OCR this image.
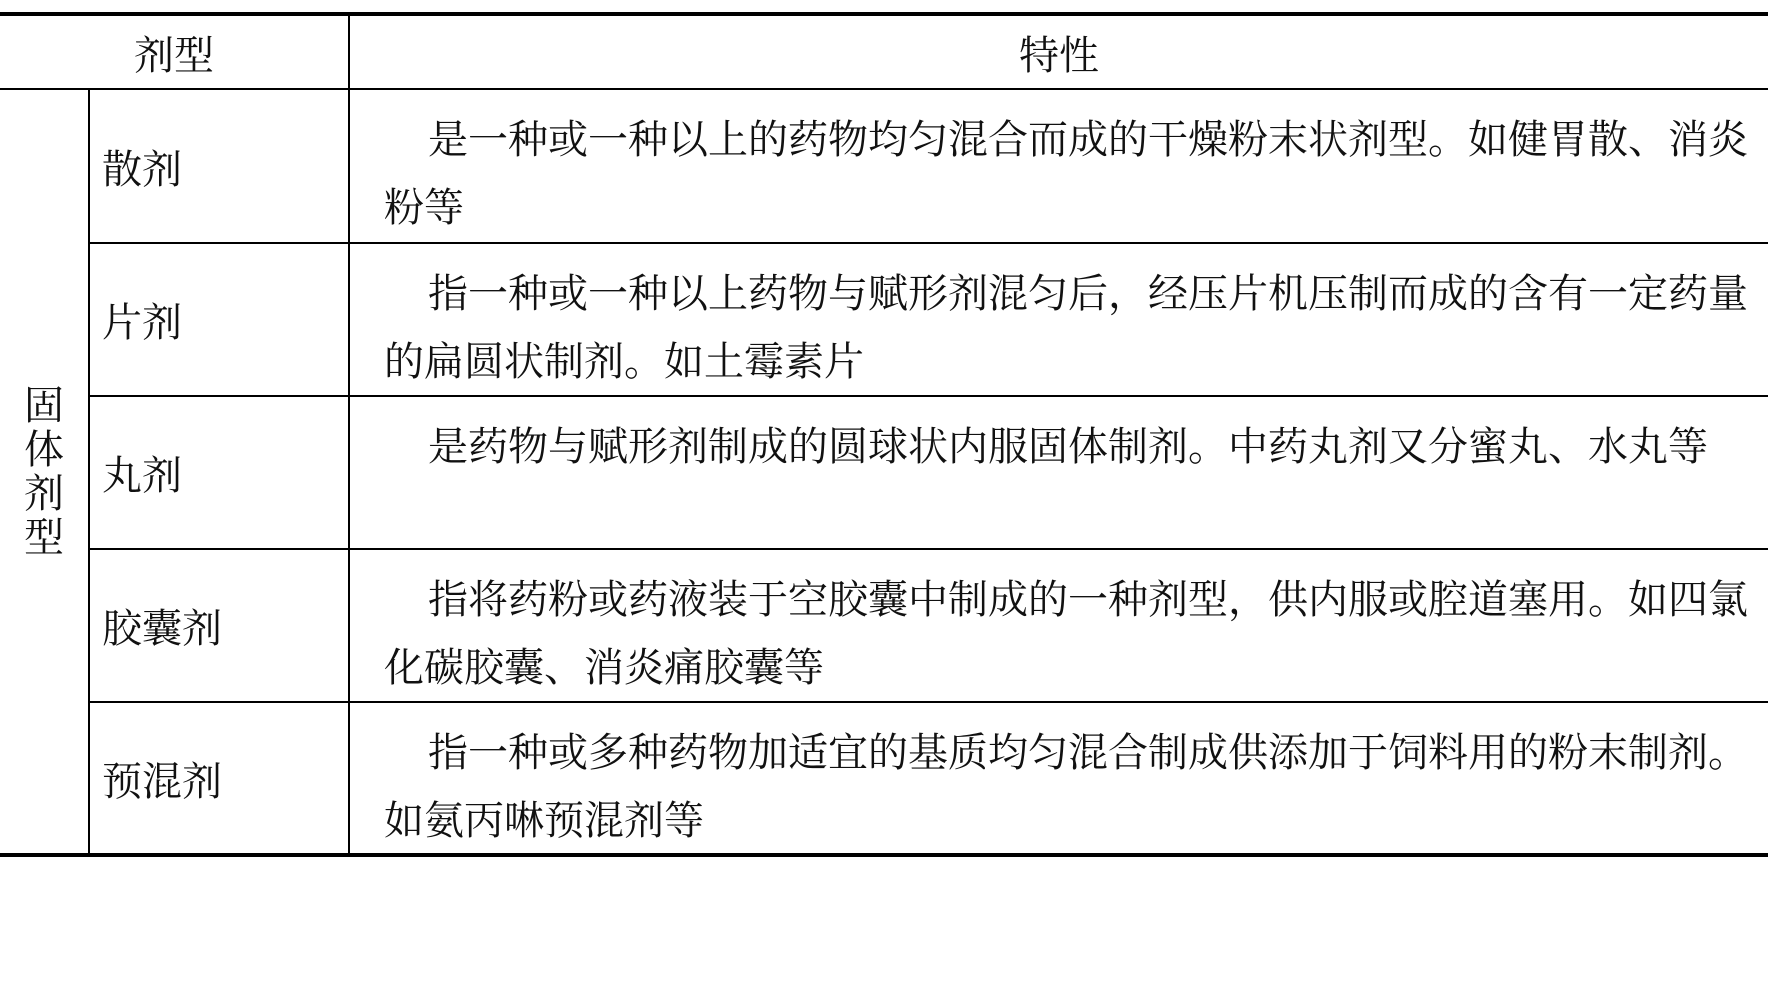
剂型	特性
固
体
剂
型
散剂
是一种或一种以上的药物均匀混合而成的干燥粉末状剂型。如健胃散、消炎粉等
片剂
指一种或一种以上药物与赋形剂混匀后，经压片机压制而成的含有一定药量的扁圆状制剂。如土霉素片
丸剂
是药物与赋形剂制成的圆球状内服固体制剂。中药丸剂又分蜜丸、水丸等
胶囊剂
指将药粉或药液装于空胶囊中制成的一种剂型，供内服或腔道塞用。如四氯化碳胶囊、消炎痛胶囊等
预混剂
指一种或多种药物加适宜的基质均匀混合制成供添加于饲料用的粉末制剂。如氨丙啉预混剂等
